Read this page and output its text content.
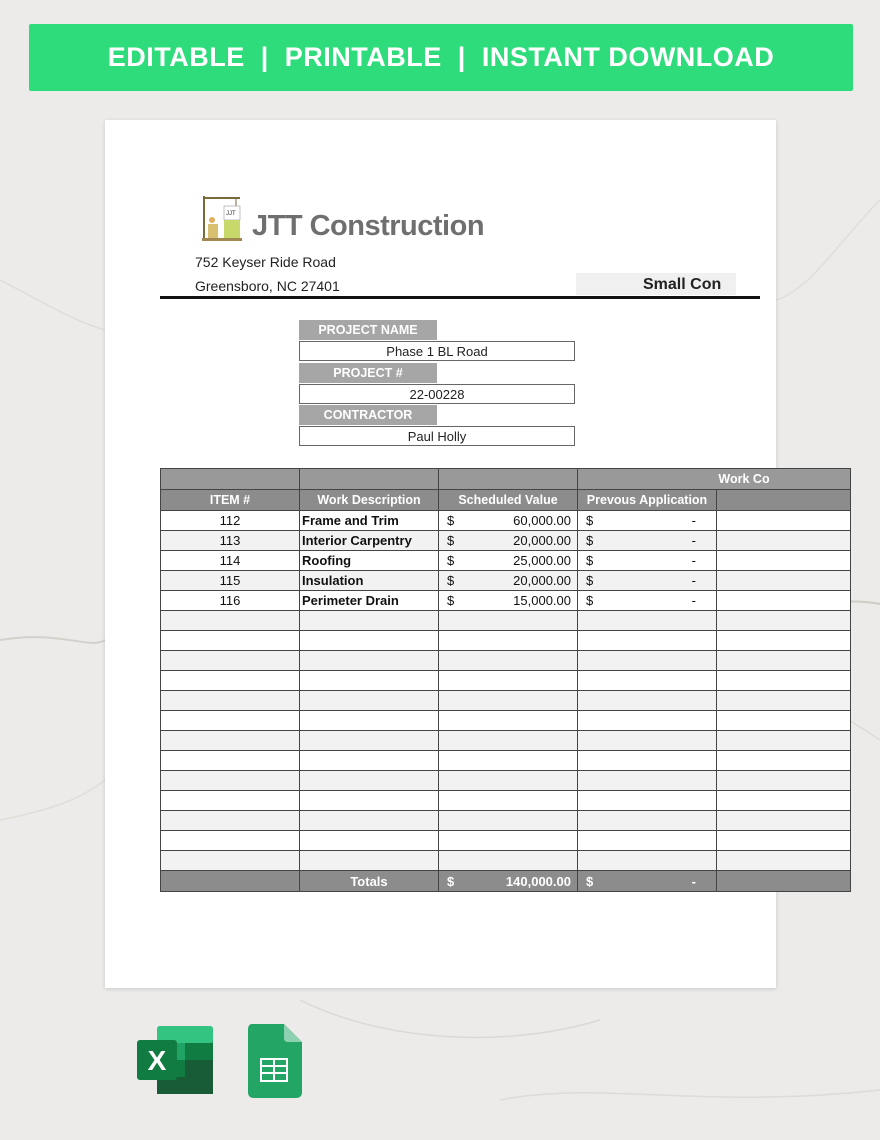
EDITABLE | PRINTABLE | INSTANT DOWNLOAD
JJT JTT Construction
752 Keyser Ride Road
Greensboro, NC 27401	Small Con
PROJECT NAME
Phase 1 BL Road
PROJECT #
22-00228
CONTRACTOR
Paul Holly
			Work Co	
ITEM #	Work Description	Scheduled Value	Prevous Application	
112	Frame and Trim	$ 60,000.00	$ -	

113	Interior Carpentry	$ 20,000.00	$ -	

114	Roofing	$ 25,000.00	$ -	

115	Insulation	$ 20,000.00	$ -	

116	Perimeter Drain	$ 15,000.00	$ -	

	Totals	$ 140,000.00	$ -	

X
